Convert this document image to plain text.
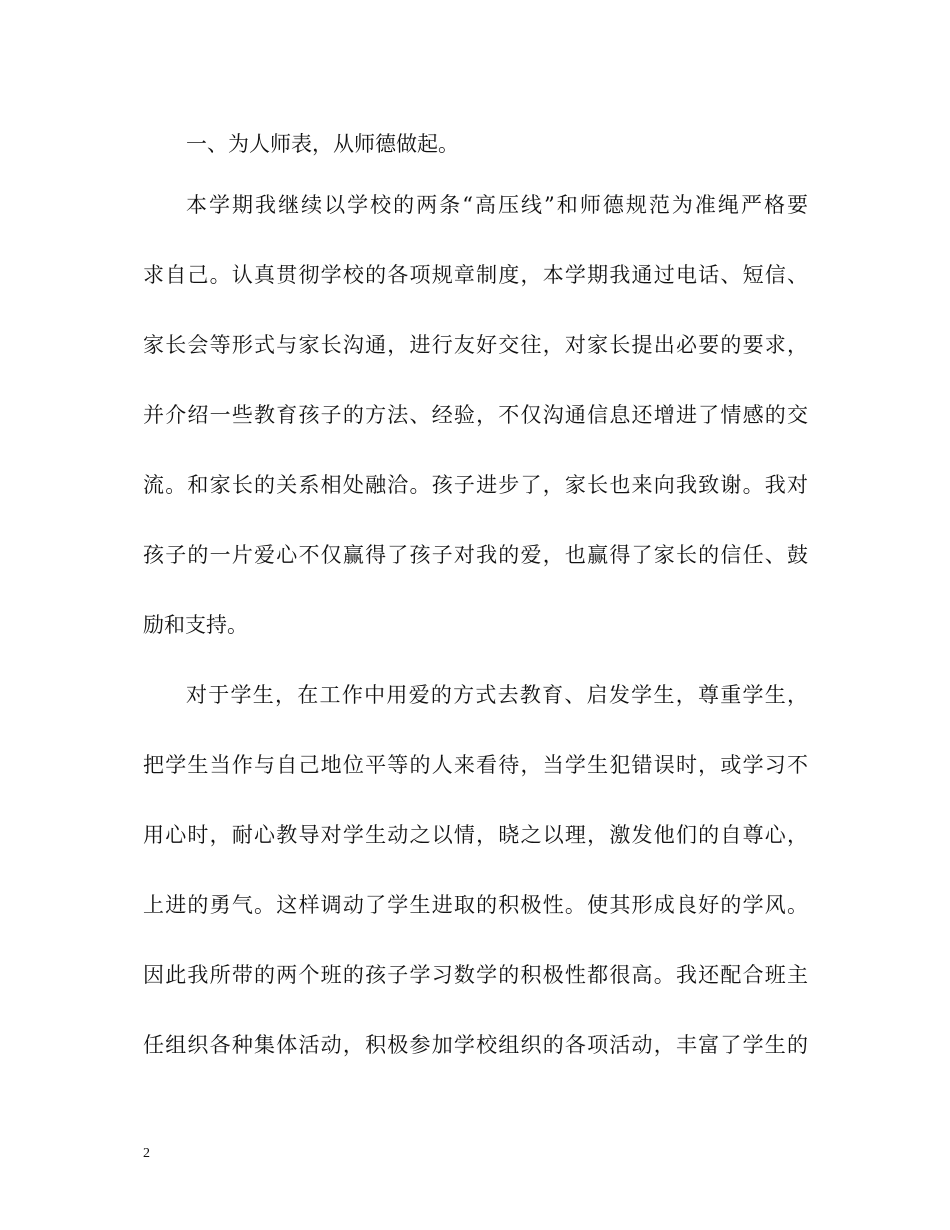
一、为人师表，从师德做起。
本学期我继续以学校的两条“高压线”和师德规范为准绳严格要
求自己。认真贯彻学校的各项规章制度，本学期我通过电话、短信、
家长会等形式与家长沟通，进行友好交往，对家长提出必要的要求，
并介绍一些教育孩子的方法、经验，不仅沟通信息还增进了情感的交
流。和家长的关系相处融洽。孩子进步了，家长也来向我致谢。我对
孩子的一片爱心不仅赢得了孩子对我的爱，也赢得了家长的信任、鼓
励和支持。
对于学生，在工作中用爱的方式去教育、启发学生，尊重学生，
把学生当作与自己地位平等的人来看待，当学生犯错误时，或学习不
用心时，耐心教导对学生动之以情，晓之以理，激发他们的自尊心，
上进的勇气。这样调动了学生进取的积极性。使其形成良好的学风。
因此我所带的两个班的孩子学习数学的积极性都很高。我还配合班主
任组织各种集体活动，积极参加学校组织的各项活动，丰富了学生的
2
